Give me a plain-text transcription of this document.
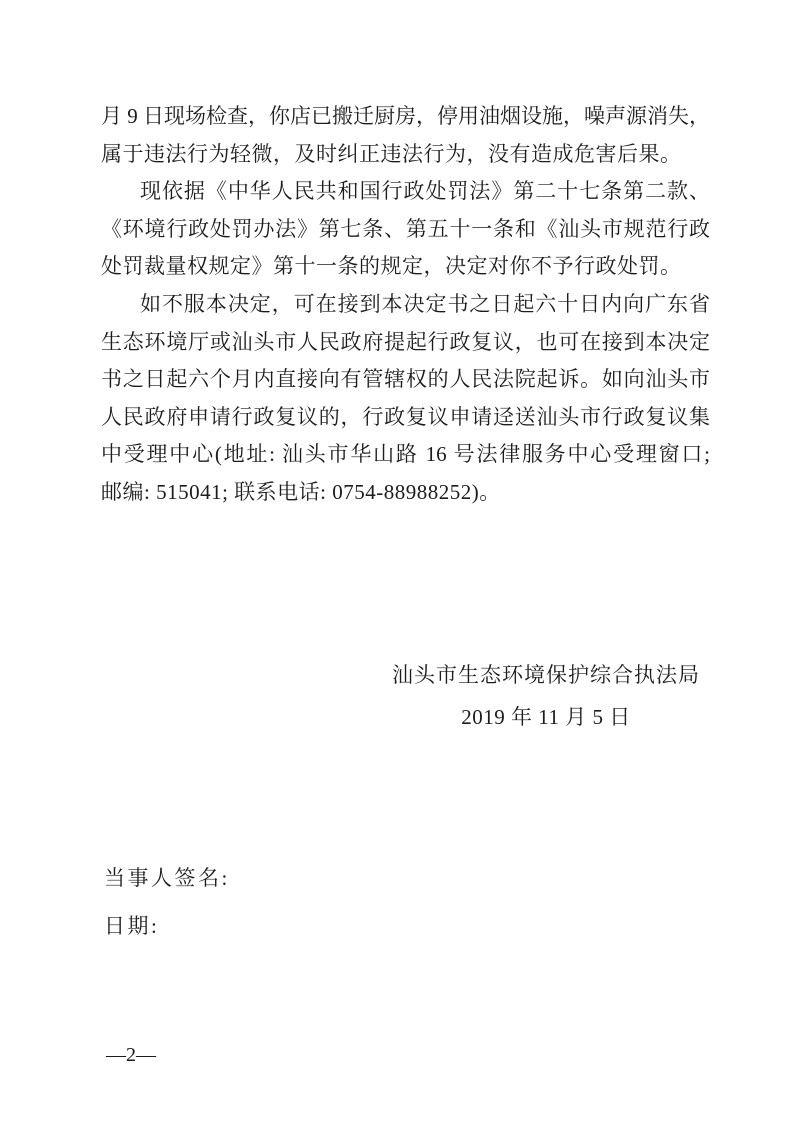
月 9 日现场检查，你店已搬迁厨房，停用油烟设施，噪声源消失，
属于违法行为轻微，及时纠正违法行为，没有造成危害后果。
现依据《中华人民共和国行政处罚法》第二十七条第二款、
《环境行政处罚办法》第七条、第五十一条和《汕头市规范行政
处罚裁量权规定》第十一条的规定，决定对你不予行政处罚。
如不服本决定，可在接到本决定书之日起六十日内向广东省
生态环境厅或汕头市人民政府提起行政复议，也可在接到本决定
书之日起六个月内直接向有管辖权的人民法院起诉。如向汕头市
人民政府申请行政复议的，行政复议申请迳送汕头市行政复议集
中受理中心(地址: 汕头市华山路 16 号法律服务中心受理窗口;
邮编: 515041; 联系电话: 0754-88988252)。
汕头市生态环境保护综合执法局
2019 年 11 月 5 日
当事人签名:
日期:
—2—
